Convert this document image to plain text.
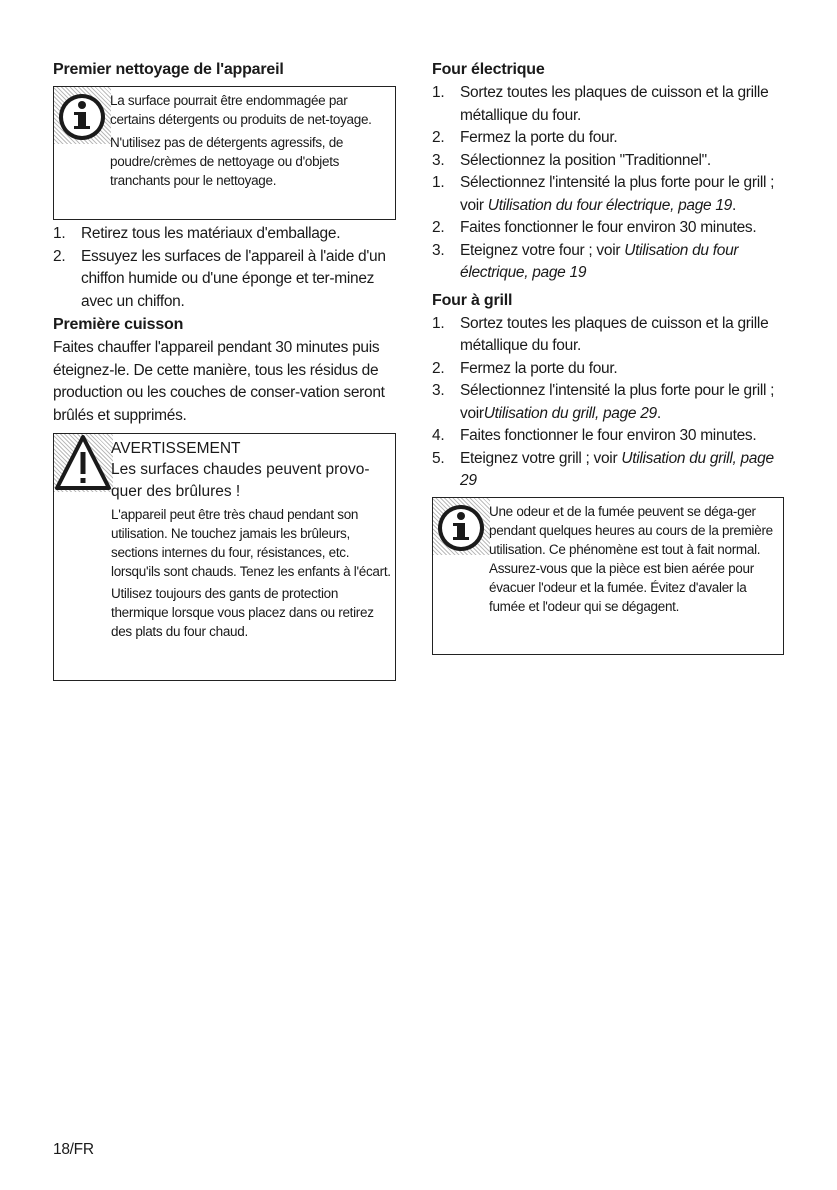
Premier nettoyage de l'appareil

La surface pourrait être endommagée par certains détergents ou produits de net-toyage.

N'utilisez pas de détergents agressifs, de poudre/crèmes de nettoyage ou d'objets tranchants pour le nettoyage.

1. Retirez tous les matériaux d'emballage.
2. Essuyez les surfaces de l'appareil à l'aide d'un chiffon humide ou d'une éponge et ter-minez avec un chiffon.
Première cuisson

Faites chauffer l'appareil pendant 30 minutes puis éteignez-le. De cette manière, tous les résidus de production ou les couches de conser-vation seront brûlés et supprimés.

AVERTISSEMENT

Les surfaces chaudes peuvent provo-quer des brûlures !

L'appareil peut être très chaud pendant son utilisation. Ne touchez jamais les brûleurs, sections internes du four, résistances, etc. lorsqu'ils sont chauds. Tenez les enfants à l'écart.

Utilisez toujours des gants de protection thermique lorsque vous placez dans ou retirez des plats du four chaud.

Four électrique
1. Sortez toutes les plaques de cuisson et la grille métallique du four.
2. Fermez la porte du four.
3. Sélectionnez la position "Traditionnel".
1. Sélectionnez l'intensité la plus forte pour le grill ; voir Utilisation du four électrique, page 19.
2. Faites fonctionner le four environ 30 minutes.
3. Eteignez votre four ; voir Utilisation du four électrique, page 19
Four à grill
1. Sortez toutes les plaques de cuisson et la grille métallique du four.
2. Fermez la porte du four.
3. Sélectionnez l'intensité la plus forte pour le grill ; voirUtilisation du grill, page 29.
4. Faites fonctionner le four environ 30 minutes.
5. Eteignez votre grill ; voir Utilisation du grill, page 29

Une odeur et de la fumée peuvent se déga-ger pendant quelques heures au cours de la première utilisation. Ce phénomène est tout à fait normal. Assurez-vous que la pièce est bien aérée pour évacuer l'odeur et la fumée. Évitez d'avaler la fumée et l'odeur qui se dégagent.

18/FR
